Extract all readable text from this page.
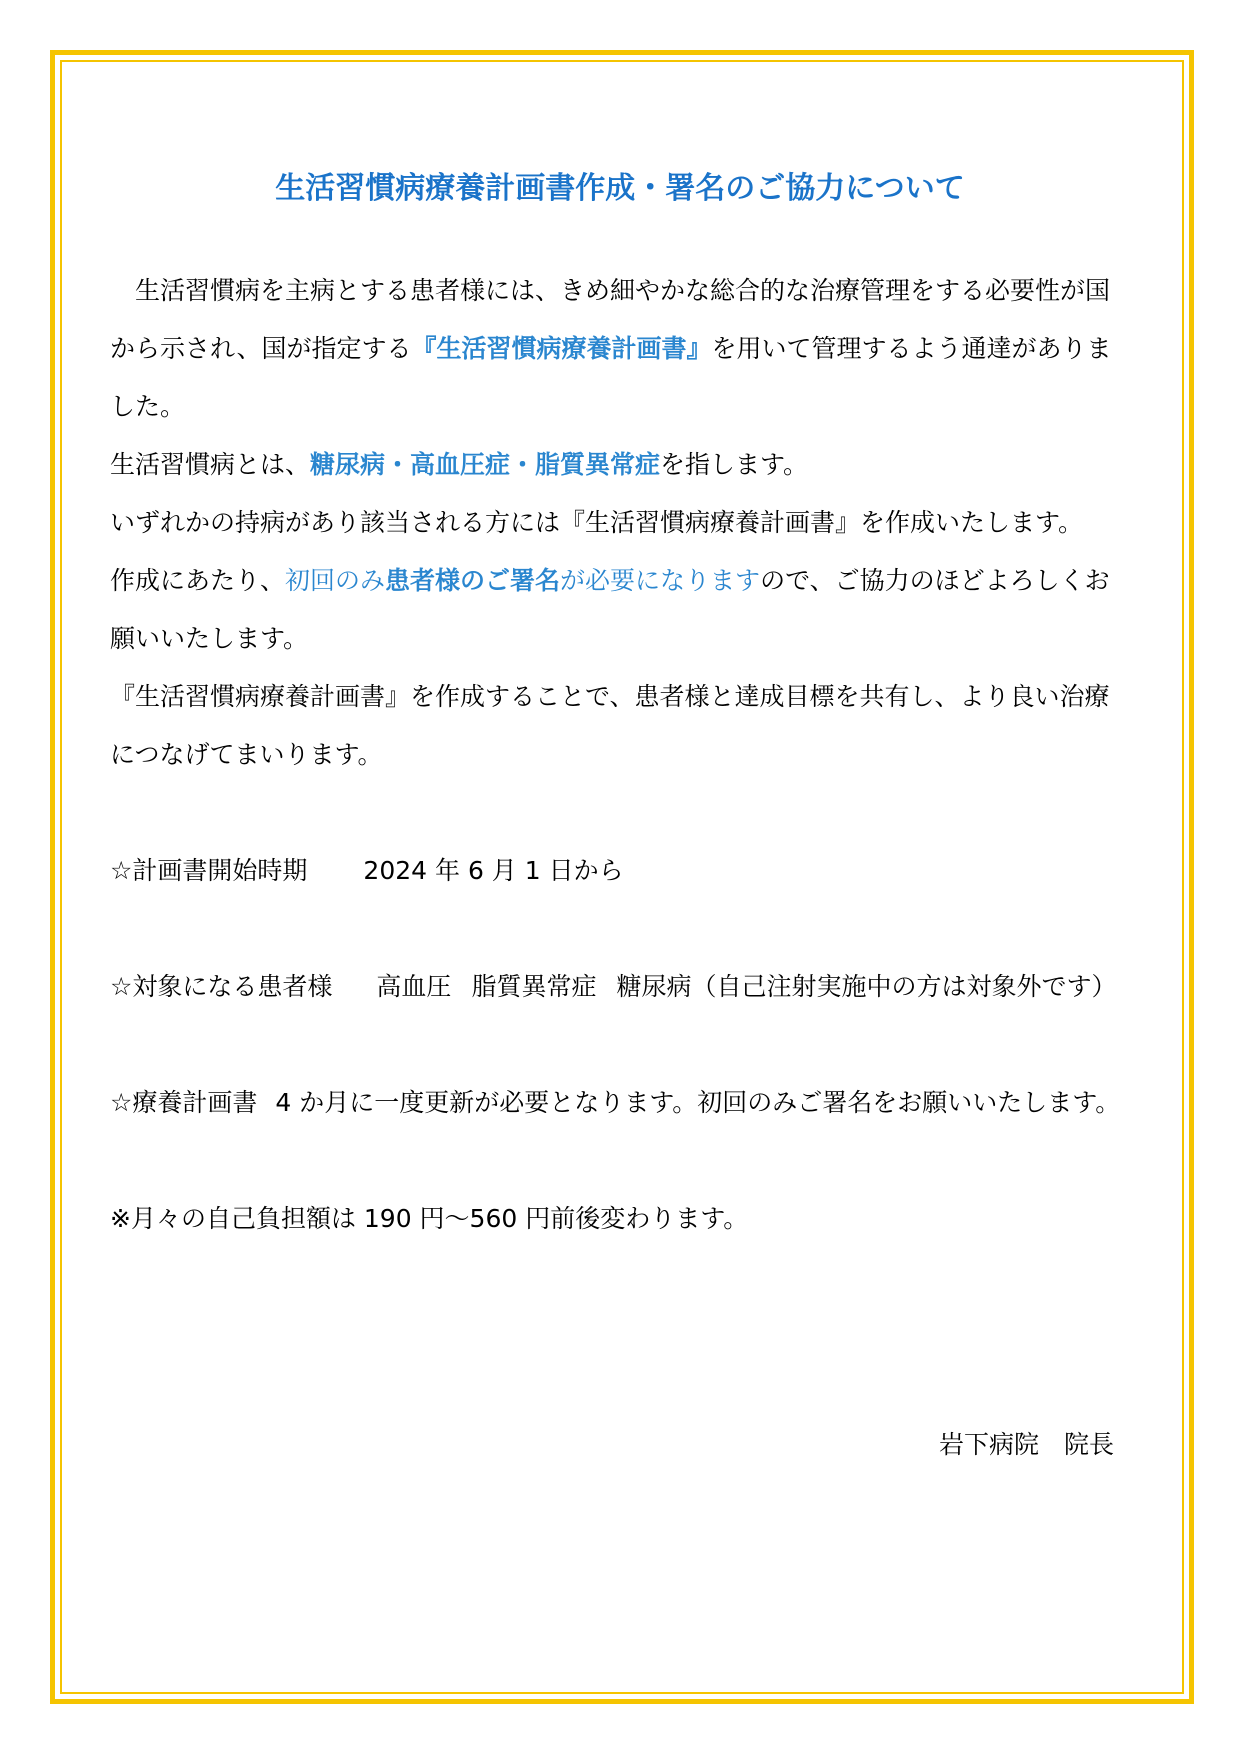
生活習慣病療養計画書作成・署名のご協力について

生活習慣病を主病とする患者様には、きめ細やかな総合的な治療管理をする必要性が国から示され、国が指定する『生活習慣病療養計画書』を用いて管理するよう通達がありました。

生活習慣病とは、糖尿病・高血圧症・脂質異常症を指します。

いずれかの持病があり該当される方には『生活習慣病療養計画書』を作成いたします。

作成にあたり、初回のみ患者様のご署名が必要になりますので、ご協力のほどよろしくお願いいたします。

『生活習慣病療養計画書』を作成することで、患者様と達成目標を共有し、より良い治療につなげてまいります。

☆計画書開始時期 2024 年 6 月 1 日から

☆対象になる患者様 高血圧 脂質異常症 糖尿病（自己注射実施中の方は対象外です）

☆療養計画書 4 か月に一度更新が必要となります。初回のみご署名をお願いいたします。

※月々の自己負担額は 190 円～560 円前後変わります。

岩下病院　院長
